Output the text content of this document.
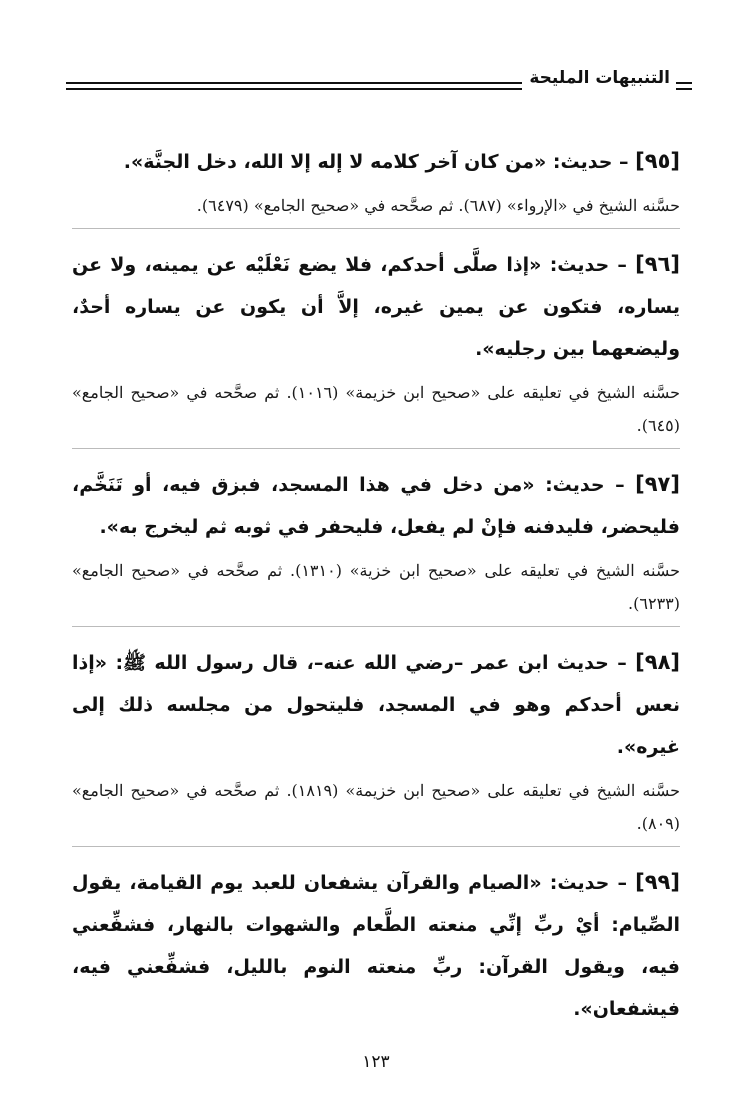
التنبيهات المليحة

[٩٥] – حديث: «من كان آخر كلامه لا إله إلا الله، دخل الجنَّة».

حسَّنه الشيخ في «الإرواء» (٦٨٧). ثم صحَّحه في «صحيح الجامع» (٦٤٧٩).

[٩٦] – حديث: «إذا صلَّى أحدكم، فلا يضع نَعْلَيْه عن يمينه، ولا عن يساره، فتكون عن يمين غيره، إلاَّ أن يكون عن يساره أحدٌ، وليضعهما بين رجليه».

حسَّنه الشيخ في تعليقه على «صحيح ابن خزيمة» (١٠١٦). ثم صحَّحه في «صحيح الجامع» (٦٤٥).

[٩٧] – حديث: «من دخل في هذا المسجد، فبزق فيه، أو تَنَخَّم، فليحضر، فليدفنه فإنْ لم يفعل، فليحفر في ثوبه ثم ليخرج به».

حسَّنه الشيخ في تعليقه على «صحيح ابن خزية» (١٣١٠). ثم صحَّحه في «صحيح الجامع» (٦٢٣٣).

[٩٨] – حديث ابن عمر –رضي الله عنه–، قال رسول الله ﷺ: «إذا نعس أحدكم وهو في المسجد، فليتحول من مجلسه ذلك إلى غيره».

حسَّنه الشيخ في تعليقه على «صحيح ابن خزيمة» (١٨١٩). ثم صحَّحه في «صحيح الجامع» (٨٠٩).

[٩٩] – حديث: «الصيام والقرآن يشفعان للعبد يوم القيامة، يقول الصِّيام: أيْ ربِّ إنِّي منعته الطَّعام والشهوات بالنهار، فشفِّعني فيه، ويقول القرآن: ربِّ منعته النوم بالليل، فشفِّعني فيه، فيشفعان».

١٢٣
